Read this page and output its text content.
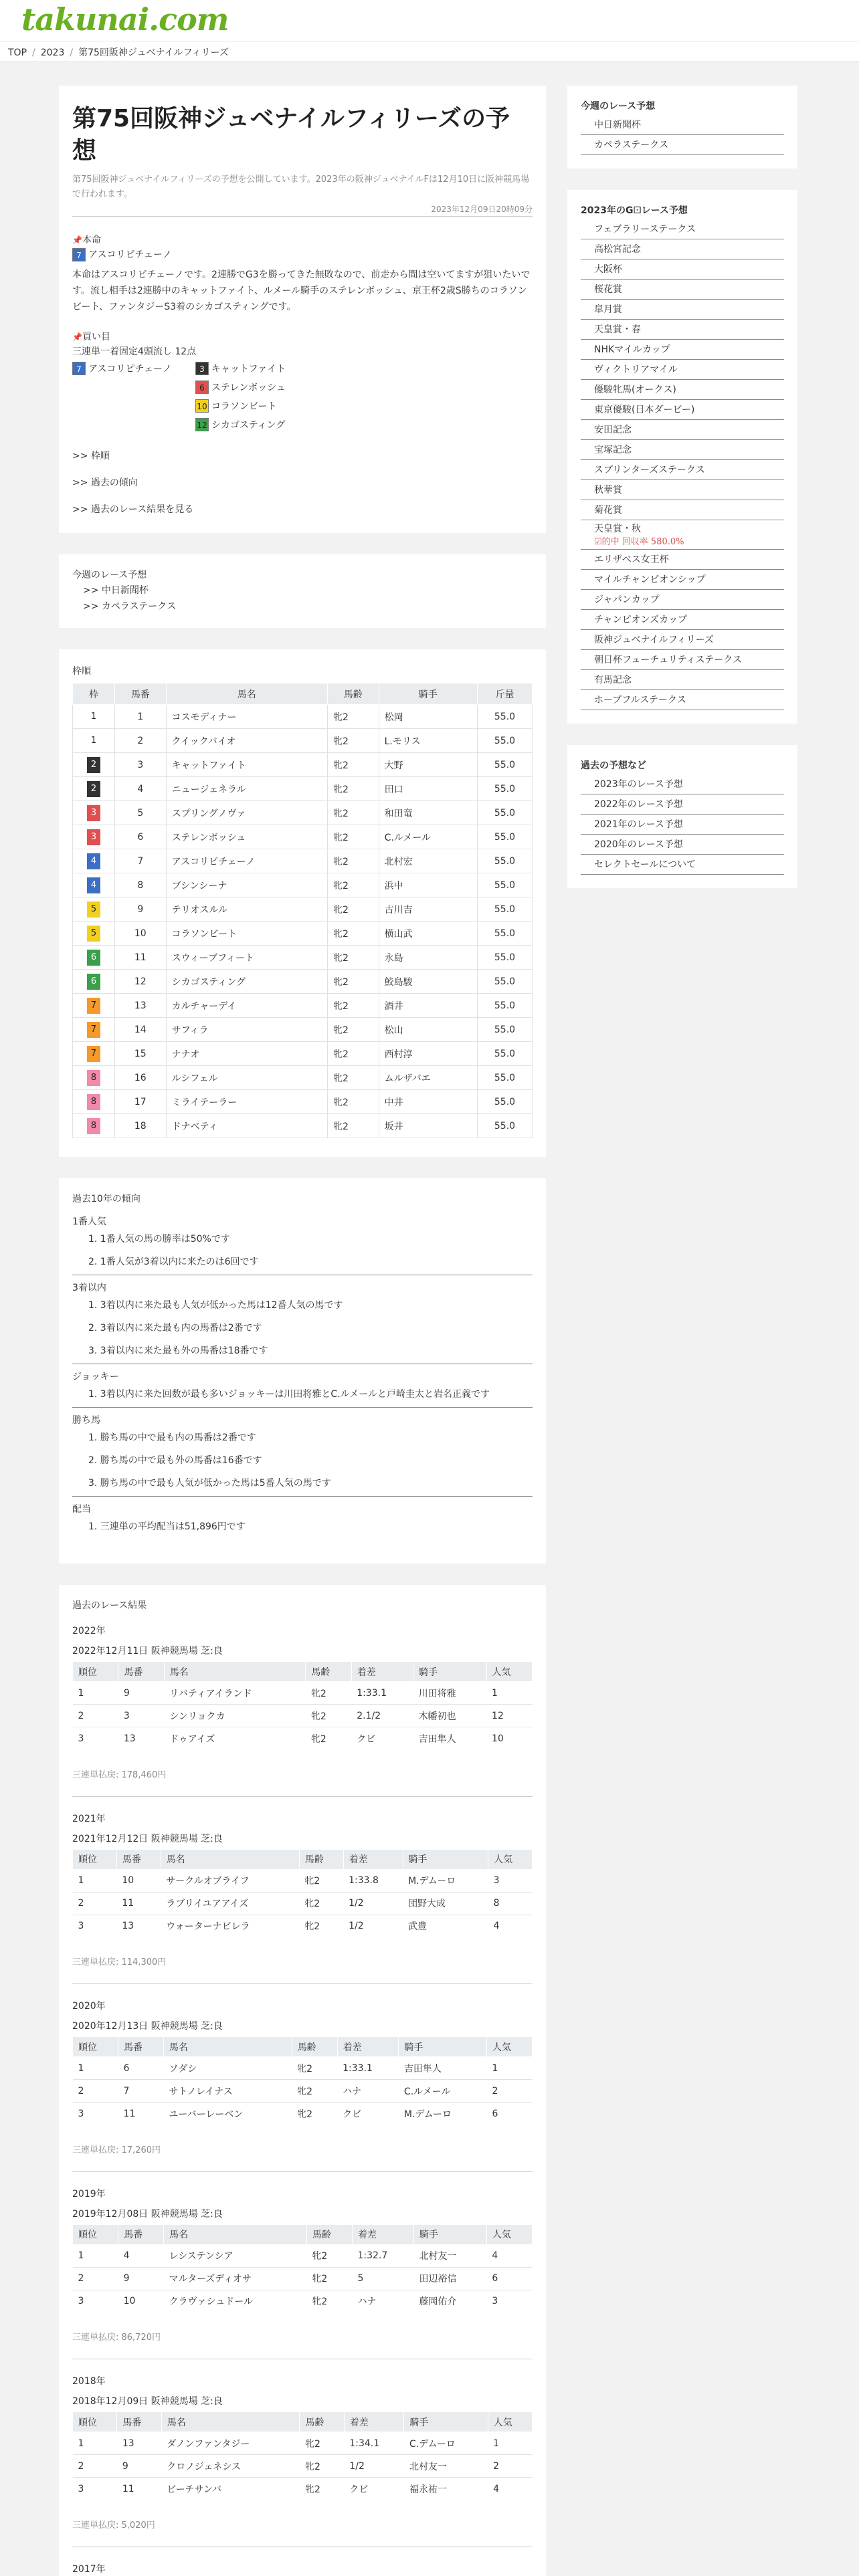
takunai.com
TOP / 2023 / 第75回阪神ジュベナイルフィリーズ
第75回阪神ジュベナイルフィリーズの予想
第75回阪神ジュベナイルフィリーズの予想を公開しています。2023年の阪神ジュベナイルFは12月10日に阪神競馬場で行われます。
2023年12月09日20時09分
📌本命
7 アスコリピチェーノ
本命はアスコリピチェーノです。2連勝でG3を勝ってきた無敗なので、前走から間は空いてますが狙いたいです。流し相手は2連勝中のキャットファイト、ルメール騎手のステレンボッシュ、京王杯2歳S勝ちのコラソンビート、ファンタジーS3着のシカゴスティングです。
📌買い目
三連単一着固定4頭流し 12点
7 アスコリピチェーノ	3 キャットファイト
6 ステレンボッシュ
10 コラソンビート
12 シカゴスティング
>> 枠順
>> 過去の傾向
>> 過去のレース結果を見る
今週のレース予想
>> 中日新聞杯
>> カペラステークス
枠順
枠	馬番	馬名	馬齢	騎手	斤量
1	1	コスモディナー	牝2	松岡	55.0
1	2	クイックバイオ	牝2	L.モリス	55.0
2	3	キャットファイト	牝2	大野	55.0
2	4	ニュージェネラル	牝2	田口	55.0
3	5	スプリングノヴァ	牝2	和田竜	55.0
3	6	ステレンボッシュ	牝2	C.ルメール	55.0
4	7	アスコリピチェーノ	牝2	北村宏	55.0
4	8	ブシンシーナ	牝2	浜中	55.0
5	9	テリオスルル	牝2	古川吉	55.0
5	10	コラソンビート	牝2	横山武	55.0
6	11	スウィーブフィート	牝2	永島	55.0
6	12	シカゴスティング	牝2	鮫島駿	55.0
7	13	カルチャーデイ	牝2	酒井	55.0
7	14	サフィラ	牝2	松山	55.0
7	15	ナナオ	牝2	西村淳	55.0
8	16	ルシフェル	牝2	ムルザバエ	55.0
8	17	ミライテーラー	牝2	中井	55.0
8	18	ドナベティ	牝2	坂井	55.0
過去10年の傾向
1番人気
1. 1番人気の馬の勝率は50%です
2. 1番人気が3着以内に来たのは6回です
3着以内
1. 3着以内に来た最も人気が低かった馬は12番人気の馬です
2. 3着以内に来た最も内の馬番は2番です
3. 3着以内に来た最も外の馬番は18番です
ジョッキー
1. 3着以内に来た回数が最も多いジョッキーは川田将雅とC.ルメールと戸崎圭太と岩名正義です
勝ち馬
1. 勝ち馬の中で最も内の馬番は2番です
2. 勝ち馬の中で最も外の馬番は16番です
3. 勝ち馬の中で最も人気が低かった馬は5番人気の馬です
配当
1. 三連単の平均配当は51,896円です
過去のレース結果
2022年
2022年12月11日 阪神競馬場 芝:良
順位	馬番	馬名	馬齢	着差	騎手	人気
1	9	リバティアイランド	牝2	1:33.1	川田将雅	1
2	3	シンリョクカ	牝2	2.1/2	木幡初也	12
3	13	ドゥアイズ	牝2	クビ	吉田隼人	10
三連単払戻: 178,460円
2021年
2021年12月12日 阪神競馬場 芝:良
順位	馬番	馬名	馬齢	着差	騎手	人気
1	10	サークルオブライフ	牝2	1:33.8	M.デムーロ	3
2	11	ラブリイユアアイズ	牝2	1/2	団野大成	8
3	13	ウォーターナビレラ	牝2	1/2	武豊	4
三連単払戻: 114,300円
2020年
2020年12月13日 阪神競馬場 芝:良
順位	馬番	馬名	馬齢	着差	騎手	人気
1	6	ソダシ	牝2	1:33.1	吉田隼人	1
2	7	サトノレイナス	牝2	ハナ	C.ルメール	2
3	11	ユーバーレーベン	牝2	クビ	M.デムーロ	6
三連単払戻: 17,260円
2019年
2019年12月08日 阪神競馬場 芝:良
順位	馬番	馬名	馬齢	着差	騎手	人気
1	4	レシステンシア	牝2	1:32.7	北村友一	4
2	9	マルターズディオサ	牝2	5	田辺裕信	6
3	10	クラヴァシュドール	牝2	ハナ	藤岡佑介	3
三連単払戻: 86,720円
2018年
2018年12月09日 阪神競馬場 芝:良
順位	馬番	馬名	馬齢	着差	騎手	人気
1	13	ダノンファンタジー	牝2	1:34.1	C.デムーロ	1
2	9	クロノジェネシス	牝2	1/2	北村友一	2
3	11	ビーチサンバ	牝2	クビ	福永祐一	4
三連単払戻: 5,020円
2017年
今週のレース予想
中日新聞杯
カペラステークス
2023年のG⚀レース予想
フェブラリーステークス
高松宮記念
大阪杯
桜花賞
皐月賞
天皇賞・春
NHKマイルカップ
ヴィクトリアマイル
優駿牝馬(オークス)
東京優駿(日本ダービー)
安田記念
宝塚記念
スプリンターズステークス
秋華賞
菊花賞
天皇賞・秋
☑的中 回収率 580.0%
エリザベス女王杯
マイルチャンピオンシップ
ジャパンカップ
チャンピオンズカップ
阪神ジュベナイルフィリーズ
朝日杯フューチュリティステークス
有馬記念
ホープフルステークス
過去の予想など
2023年のレース予想
2022年のレース予想
2021年のレース予想
2020年のレース予想
セレクトセールについて
